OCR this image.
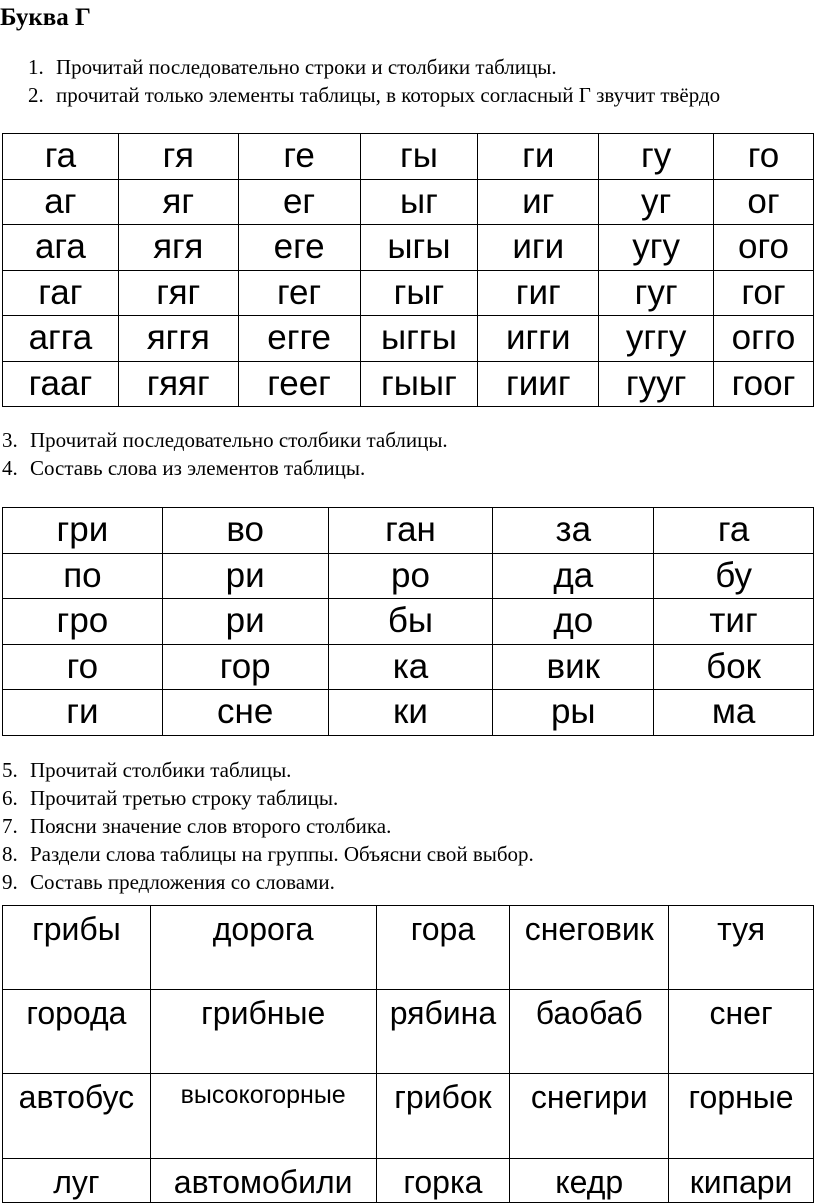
Буква Г
1. Прочитай последовательно строки и столбики таблицы.
2. прочитай только элементы таблицы, в которых согласный Г звучит твёрдо
га	гя	ге	гы	ги	гу	го
аг	яг	ег	ыг	иг	уг	ог
ага	ягя	еге	ыгы	иги	угу	ого
гаг	гяг	гег	гыг	гиг	гуг	гог
агга	яггя	егге	ыггы	игги	уггу	огго
гааг	гяяг	геег	гыыг	гииг	гууг	гоог
3. Прочитай последовательно столбики таблицы.
4. Составь слова из элементов таблицы.
гри	во	ган	за	га
по	ри	ро	да	бу
гро	ри	бы	до	тиг
го	гор	ка	вик	бок
ги	сне	ки	ры	ма
5. Прочитай столбики таблицы.
6. Прочитай третью строку таблицы.
7. Поясни значение слов второго столбика.
8. Раздели слова таблицы на группы. Объясни свой выбор.
9. Составь предложения со словами.
грибы	дорога	гора	снеговик	туя
города	грибные	рябина	баобаб	снег
автобус	высокогорные	грибок	снегири	горные
луг	автомобили	горка	кедр	кипари
